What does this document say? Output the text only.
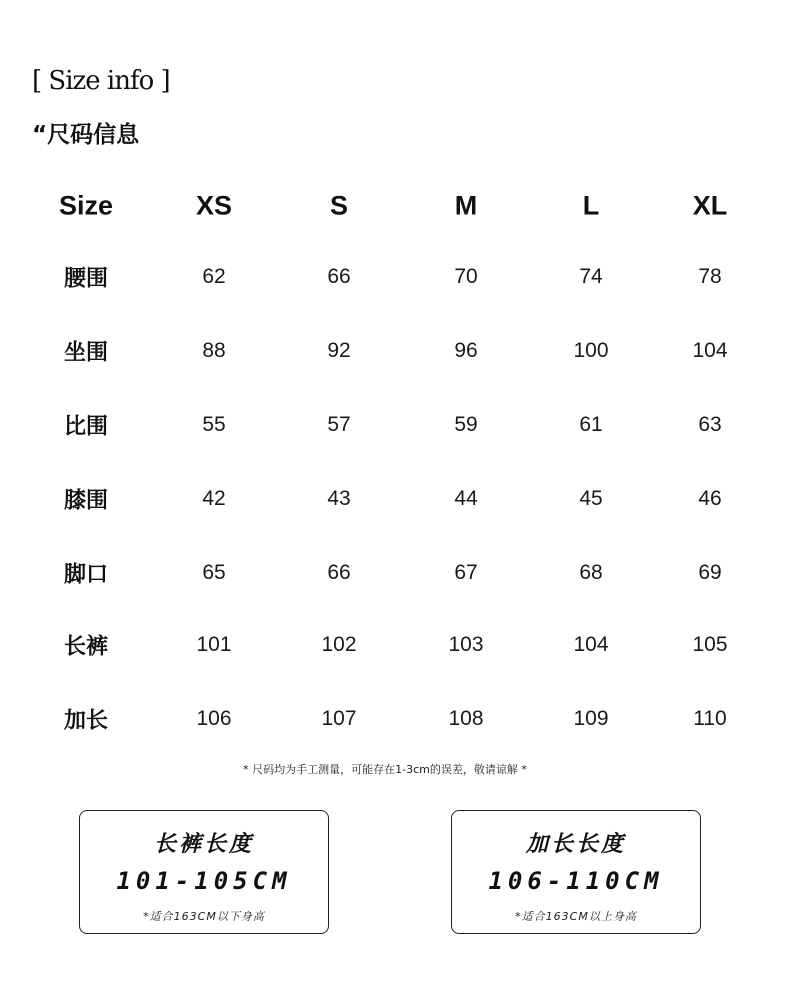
[ Size info ]
“尺码信息
Size	XS	S	M	L	XL
腰围	62	66	70	74	78
坐围	88	92	96	100	104
比围	55	57	59	61	63
膝围	42	43	44	45	46
脚口	65	66	67	68	69
长裤	101	102	103	104	105
加长	106	107	108	109	110
* 尺码均为手工测量，可能存在1-3cm的误差，敬请谅解 *
长裤长度
101-105CM
*适合163CM以下身高
加长长度
106-110CM
*适合163CM以上身高
